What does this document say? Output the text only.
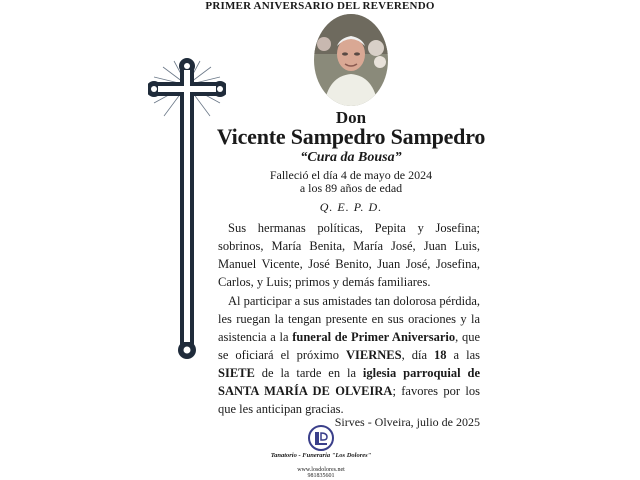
PRIMER ANIVERSARIO DEL REVERENDO
Don
Vicente Sampedro Sampedro
“Cura da Bousa”
Falleció el día 4 de mayo de 2024
a los 89 años de edad
Q. E. P. D.
Sus hermanas políticas, Pepita y Josefina; sobrinos, María Benita, María José, Juan Luis, Manuel Vicente, José Benito, Juan José, Josefina, Carlos, y Luis; primos y demás familiares.
Al participar a sus amistades tan dolorosa pérdida, les ruegan la tengan presente en sus oraciones y la asistencia a la funeral de Primer Aniversario, que se oficiará el próximo VIERNES, día 18 a las SIETE de la tarde en la iglesia parroquial de SANTA MARÍA DE OLVEIRA; favores por los que les anticipan gracias.
Sirves - Olveira, julio de 2025
Tanatorio - Funeraria "Los Dolores"
www.losdolores.net
981835601
